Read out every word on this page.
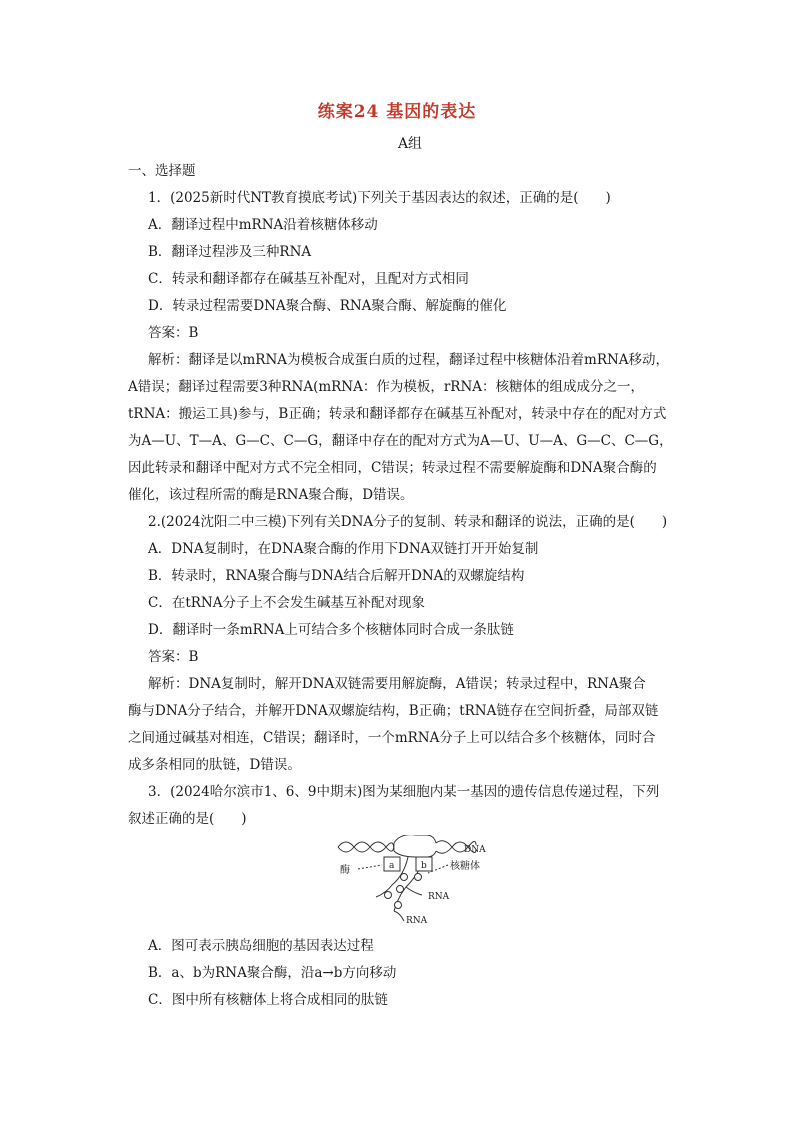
练案24 基因的表达
A组
一、选择题
1．(2025新时代NT教育摸底考试)下列关于基因表达的叙述，正确的是(　　)
A．翻译过程中mRNA沿着核糖体移动
B．翻译过程涉及三种RNA
C．转录和翻译都存在碱基互补配对，且配对方式相同
D．转录过程需要DNA聚合酶、RNA聚合酶、解旋酶的催化
答案：B
解析：翻译是以mRNA为模板合成蛋白质的过程，翻译过程中核糖体沿着mRNA移动，
A错误；翻译过程需要3种RNA(mRNA：作为模板，rRNA：核糖体的组成成分之一，
tRNA：搬运工具)参与，B正确；转录和翻译都存在碱基互补配对，转录中存在的配对方式
为A—U、T—A、G—C、C—G，翻译中存在的配对方式为A—U、U—A、G—C、C—G，
因此转录和翻译中配对方式不完全相同，C错误；转录过程不需要解旋酶和DNA聚合酶的
催化，该过程所需的酶是RNA聚合酶，D错误。
2.(2024沈阳二中三模)下列有关DNA分子的复制、转录和翻译的说法，正确的是(　　)
A．DNA复制时，在DNA聚合酶的作用下DNA双链打开开始复制
B．转录时，RNA聚合酶与DNA结合后解开DNA的双螺旋结构
C．在tRNA分子上不会发生碱基互补配对现象
D．翻译时一条mRNA上可结合多个核糖体同时合成一条肽链
答案：B
解析：DNA复制时，解开DNA双链需要用解旋酶，A错误；转录过程中，RNA聚合
酶与DNA分子结合，并解开DNA双螺旋结构，B正确；tRNA链存在空间折叠，局部双链
之间通过碱基对相连，C错误；翻译时，一个mRNA分子上可以结合多个核糖体，同时合
成多条相同的肽链，D错误。
3．(2024哈尔滨市1、6、9中期末)图为某细胞内某一基因的遗传信息传递过程，下列
叙述正确的是(　　)
a	b
DNA
酶	核糖体
RNA
RNA
A．图可表示胰岛细胞的基因表达过程
B．a、b为RNA聚合酶，沿a→b方向移动
C．图中所有核糖体上将合成相同的肽链
